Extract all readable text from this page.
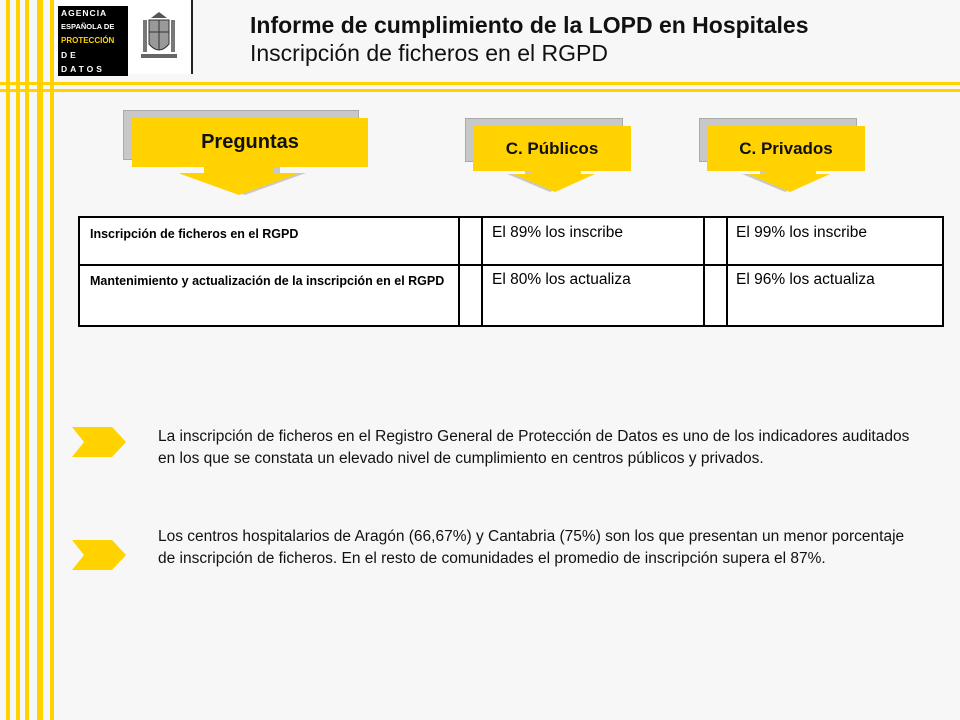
AGENCIA
ESPAÑOLA DE
PROTECCIÓN
DE DATOS
Informe de cumplimiento de la LOPD en Hospitales
Inscripción de ficheros en el RGPD
Preguntas	C. Públicos	C. Privados
Inscripción de ficheros en el RGPD	El 89% los inscribe	El 99% los inscribe
Mantenimiento y actualización de la inscripción en el RGPD	El 80% los actualiza	El 96% los actualiza
La inscripción de ficheros en el Registro General de Protección de Datos es uno de los indicadores auditados en los que se constata un elevado nivel de cumplimiento en centros públicos y privados.
Los centros hospitalarios de Aragón (66,67%) y Cantabria (75%) son los que presentan un menor porcentaje de inscripción de ficheros. En el resto de comunidades el promedio de inscripción supera el 87%.
